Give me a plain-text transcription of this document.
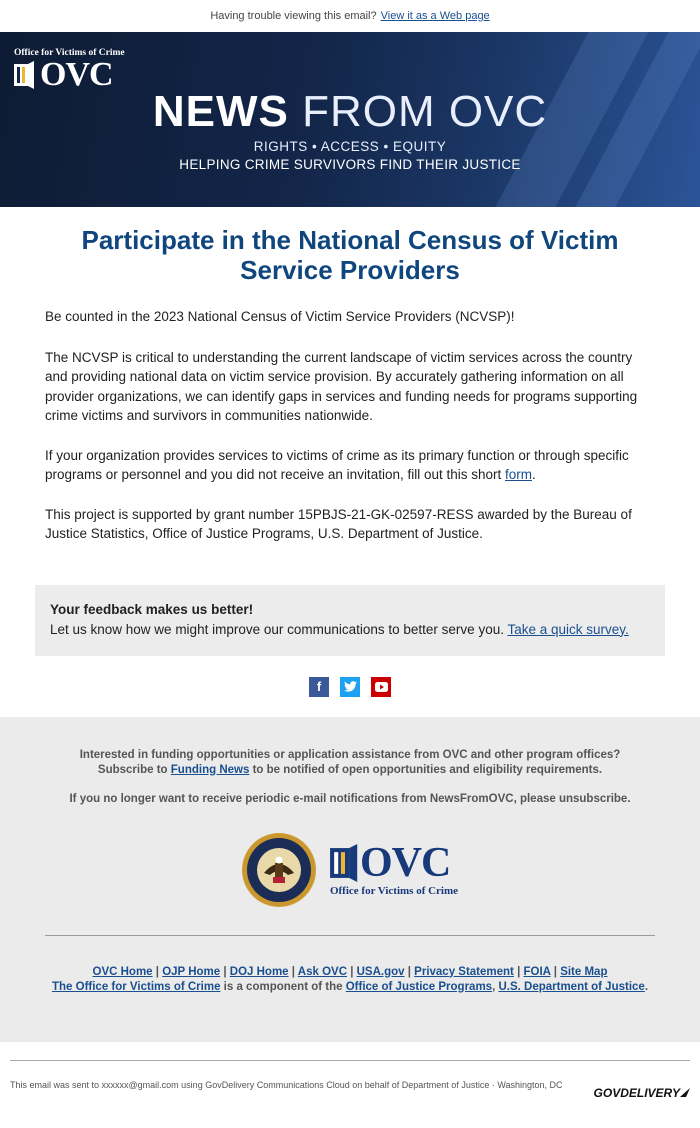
Having trouble viewing this email? View it as a Web page
Office for Victims of Crime
OVC
NEWS FROM OVC
RIGHTS • ACCESS • EQUITY
HELPING CRIME SURVIVORS FIND THEIR JUSTICE
Participate in the National Census of Victim Service Providers

Be counted in the 2023 National Census of Victim Service Providers (NCVSP)!

The NCVSP is critical to understanding the current landscape of victim services across the country and providing national data on victim service provision. By accurately gathering information on all provider organizations, we can identify gaps in services and funding needs for programs supporting crime victims and survivors in communities nationwide.

If your organization provides services to victims of crime as its primary function or through specific programs or personnel and you did not receive an invitation, fill out this short form.

This project is supported by grant number 15PBJS-21-GK-02597-RESS awarded by the Bureau of Justice Statistics, Office of Justice Programs, U.S. Department of Justice.

Your feedback makes us better!
Let us know how we might improve our communications to better serve you. Take a quick survey.
f
Interested in funding opportunities or application assistance from OVC and other program offices?
Subscribe to Funding News to be notified of open opportunities and eligibility requirements.
If you no longer want to receive periodic e-mail notifications from NewsFromOVC, please unsubscribe.
OVC
Office for Victims of Crime
OVC Home | OJP Home | DOJ Home | Ask OVC | USA.gov | Privacy Statement | FOIA | Site Map
The Office for Victims of Crime is a component of the Office of Justice Programs, U.S. Department of Justice.
This email was sent to xxxxxx@gmail.com using GovDelivery Communications Cloud on behalf of Department of Justice · Washington, DC
GOVDELIVERY
